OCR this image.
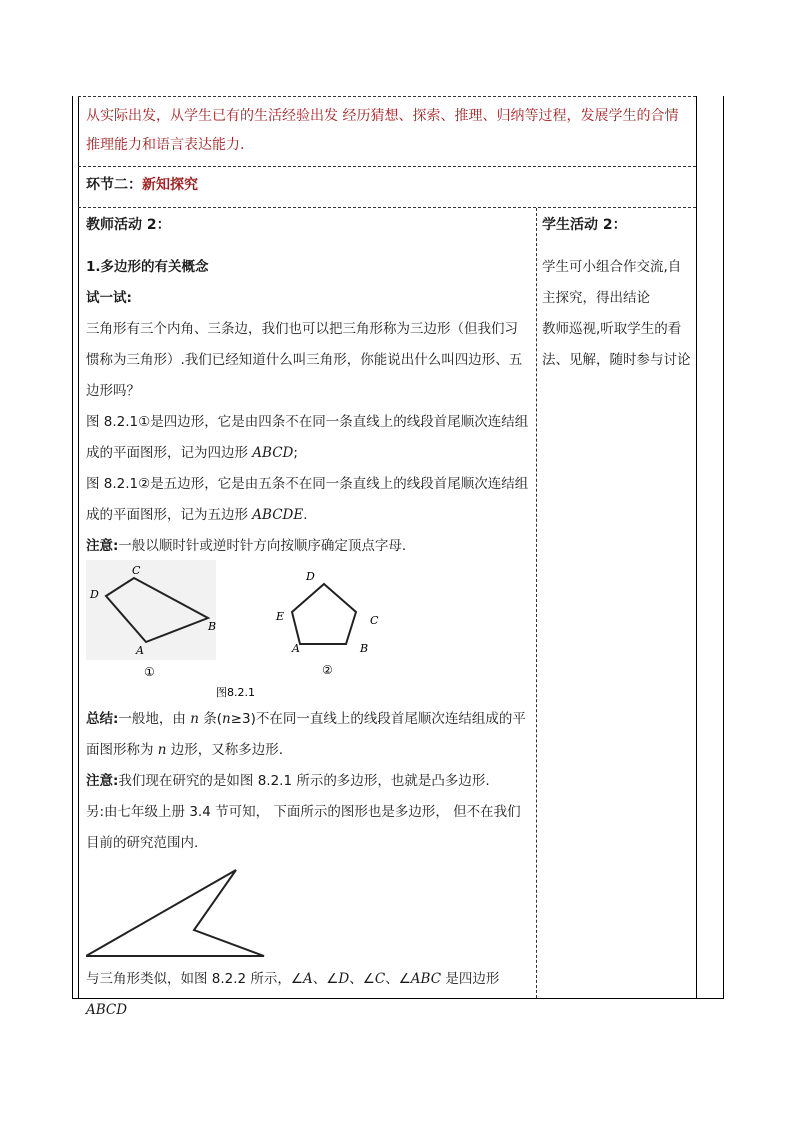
从实际出发，从学生已有的生活经验出发 经历猜想、探索、推理、归纳等过程，发展学生的合情推理能力和语言表达能力.
环节二：新知探究
教师活动 2：	学生活动 2：

1.多边形的有关概念

试一试:

三角形有三个内角、三条边，我们也可以把三角形称为三边形（但我们习惯称为三角形）.我们已经知道什么叫三角形，你能说出什么叫四边形、五边形吗？

图 8.2.1①是四边形，它是由四条不在同一条直线上的线段首尾顺次连结组成的平面图形，记为四边形 ABCD;

图 8.2.1②是五边形，它是由五条不在同一条直线上的线段首尾顺次连结组成的平面图形，记为五边形 ABCDE.

注意:一般以顺时针或逆时针方向按顺序确定顶点字母.

D
C
B
A
①
D
C
B
A
E
②
图8.2.1

总结:一般地，由 n 条(n≥3)不在同一直线上的线段首尾顺次连结组成的平面图形称为 n 边形，又称多边形.

注意:我们现在研究的是如图 8.2.1 所示的多边形，也就是凸多边形.

另:由七年级上册 3.4 节可知， 下面所示的图形也是多边形， 但不在我们目前的研究范围内.

与三角形类似，如图 8.2.2 所示，∠A、∠D、∠C、∠ABC 是四边形 ABCD

学生可小组合作交流,自主探究，得出结论

教师巡视,听取学生的看法、见解，随时参与讨论
